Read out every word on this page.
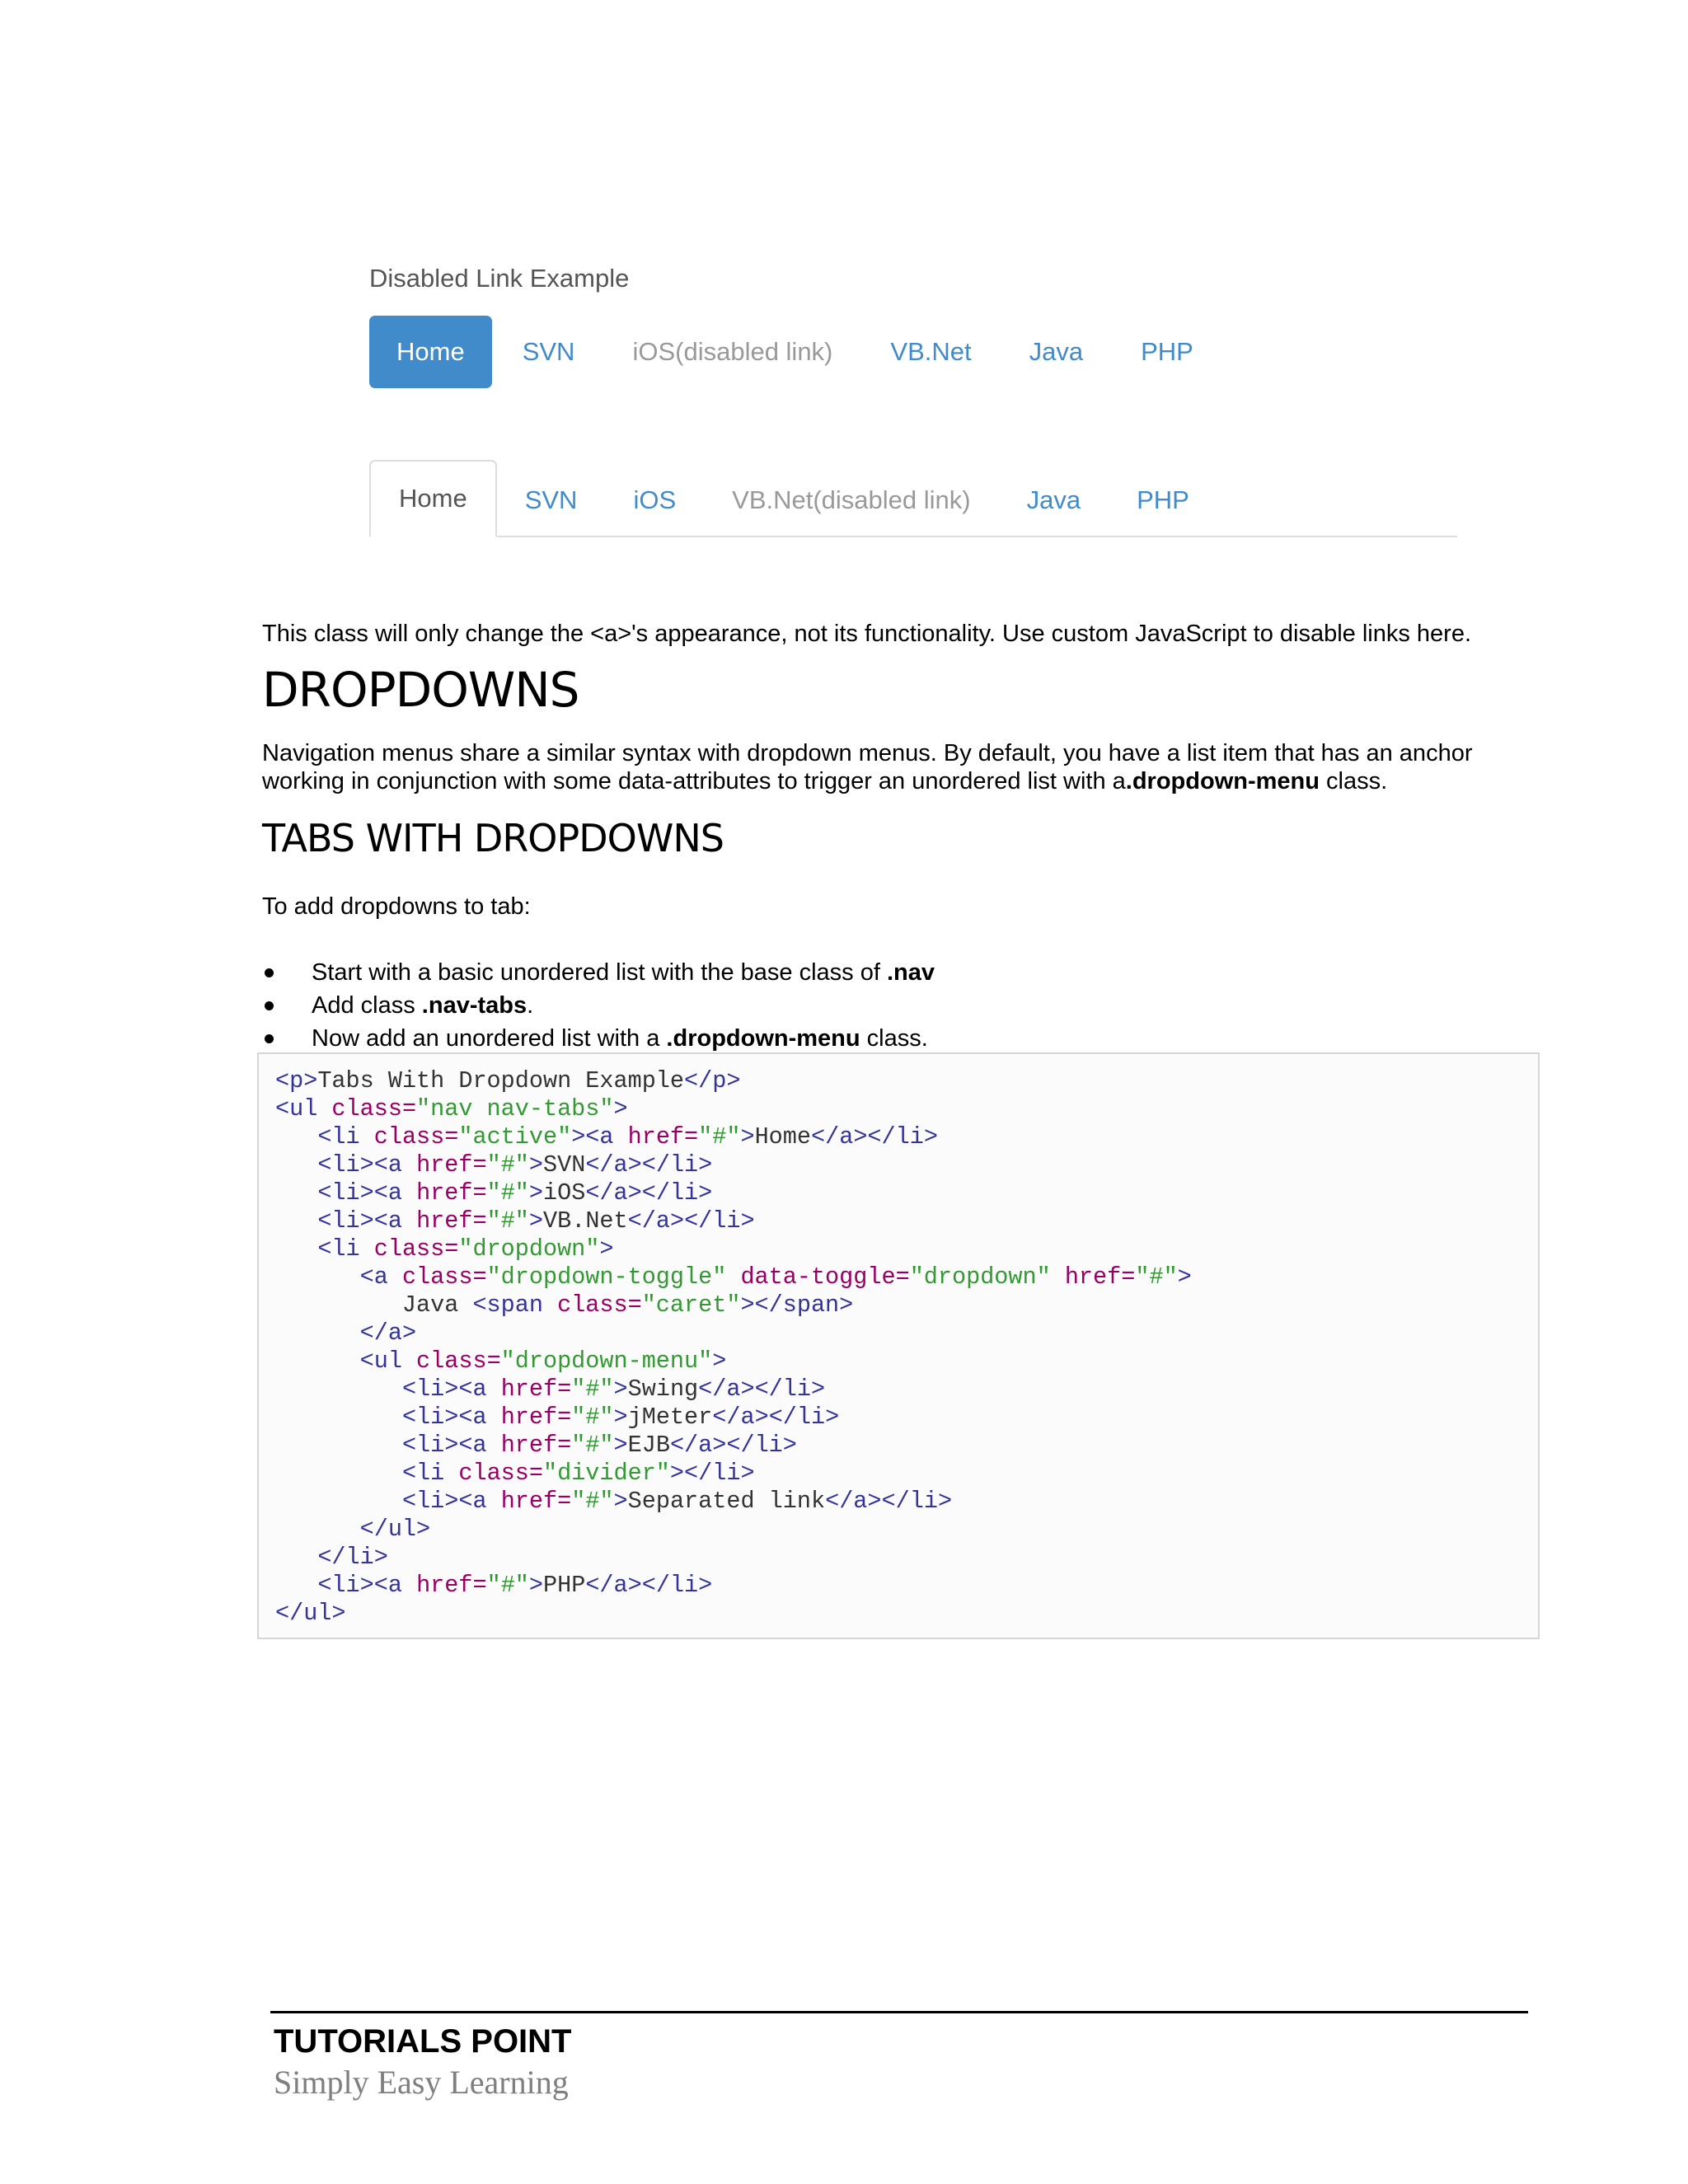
Disabled Link Example
Home	SVN	iOS(disabled link)	VB.Net	Java	PHP
Home	SVN	iOS	VB.Net(disabled link)	Java	PHP
This class will only change the <a>'s appearance, not its functionality. Use custom JavaScript to disable links here.
DROPDOWNS
Navigation menus share a similar syntax with dropdown menus. By default, you have a list item that has an anchor working in conjunction with some data-attributes to trigger an unordered list with a.dropdown-menu class.
TABS WITH DROPDOWNS
To add dropdowns to tab:
Start with a basic unordered list with the base class of .nav
Add class .nav-tabs.
Now add an unordered list with a .dropdown-menu class.
<p>Tabs With Dropdown Example</p>
<ul class="nav nav-tabs">
<li class="active"><a href="#">Home</a></li>
<li><a href="#">SVN</a></li>
<li><a href="#">iOS</a></li>
<li><a href="#">VB.Net</a></li>
<li class="dropdown">
<a class="dropdown-toggle" data-toggle="dropdown" href="#">
Java <span class="caret"></span>
</a>
<ul class="dropdown-menu">
<li><a href="#">Swing</a></li>
<li><a href="#">jMeter</a></li>
<li><a href="#">EJB</a></li>
<li class="divider"></li>
<li><a href="#">Separated link</a></li>
</ul>
</li>
<li><a href="#">PHP</a></li>
</ul>
TUTORIALS POINT
Simply Easy Learning
